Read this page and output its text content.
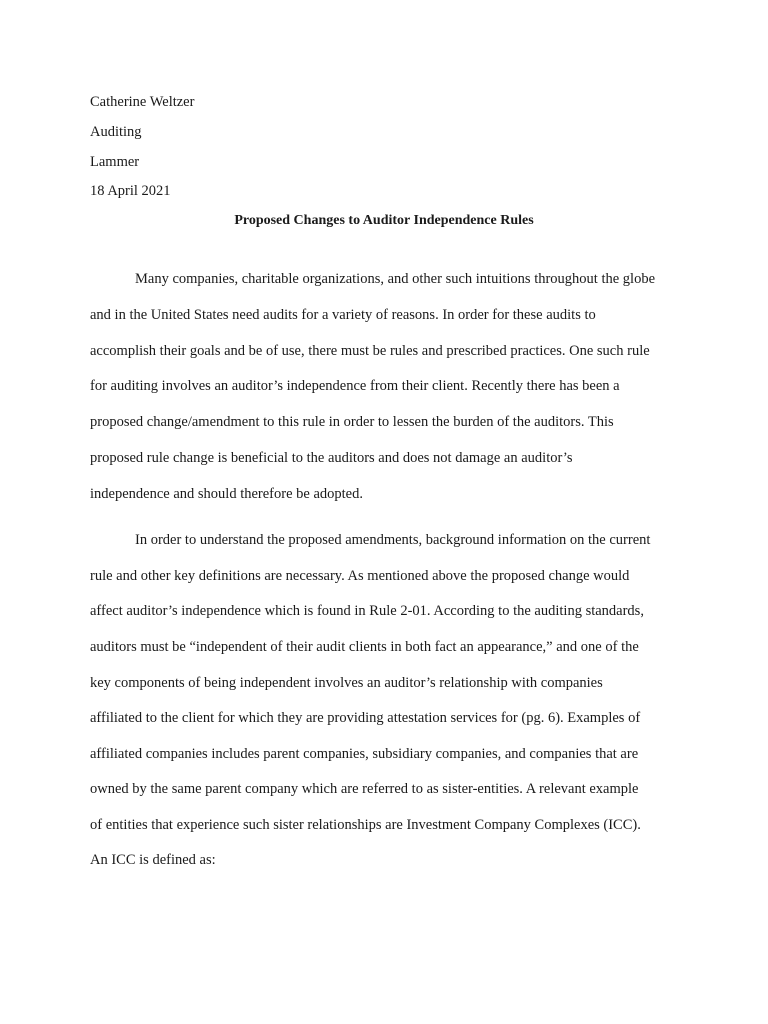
Catherine Weltzer
Auditing
Lammer
18 April 2021
Proposed Changes to Auditor Independence Rules
Many companies, charitable organizations, and other such intuitions throughout the globe
and in the United States need audits for a variety of reasons. In order for these audits to
accomplish their goals and be of use, there must be rules and prescribed practices. One such rule
for auditing involves an auditor’s independence from their client. Recently there has been a
proposed change/amendment to this rule in order to lessen the burden of the auditors. This
proposed rule change is beneficial to the auditors and does not damage an auditor’s
independence and should therefore be adopted.
In order to understand the proposed amendments, background information on the current
rule and other key definitions are necessary. As mentioned above the proposed change would
affect auditor’s independence which is found in Rule 2-01. According to the auditing standards,
auditors must be “independent of their audit clients in both fact an appearance,” and one of the
key components of being independent involves an auditor’s relationship with companies
affiliated to the client for which they are providing attestation services for (pg. 6). Examples of
affiliated companies includes parent companies, subsidiary companies, and companies that are
owned by the same parent company which are referred to as sister-entities. A relevant example
of entities that experience such sister relationships are Investment Company Complexes (ICC).
An ICC is defined as:
